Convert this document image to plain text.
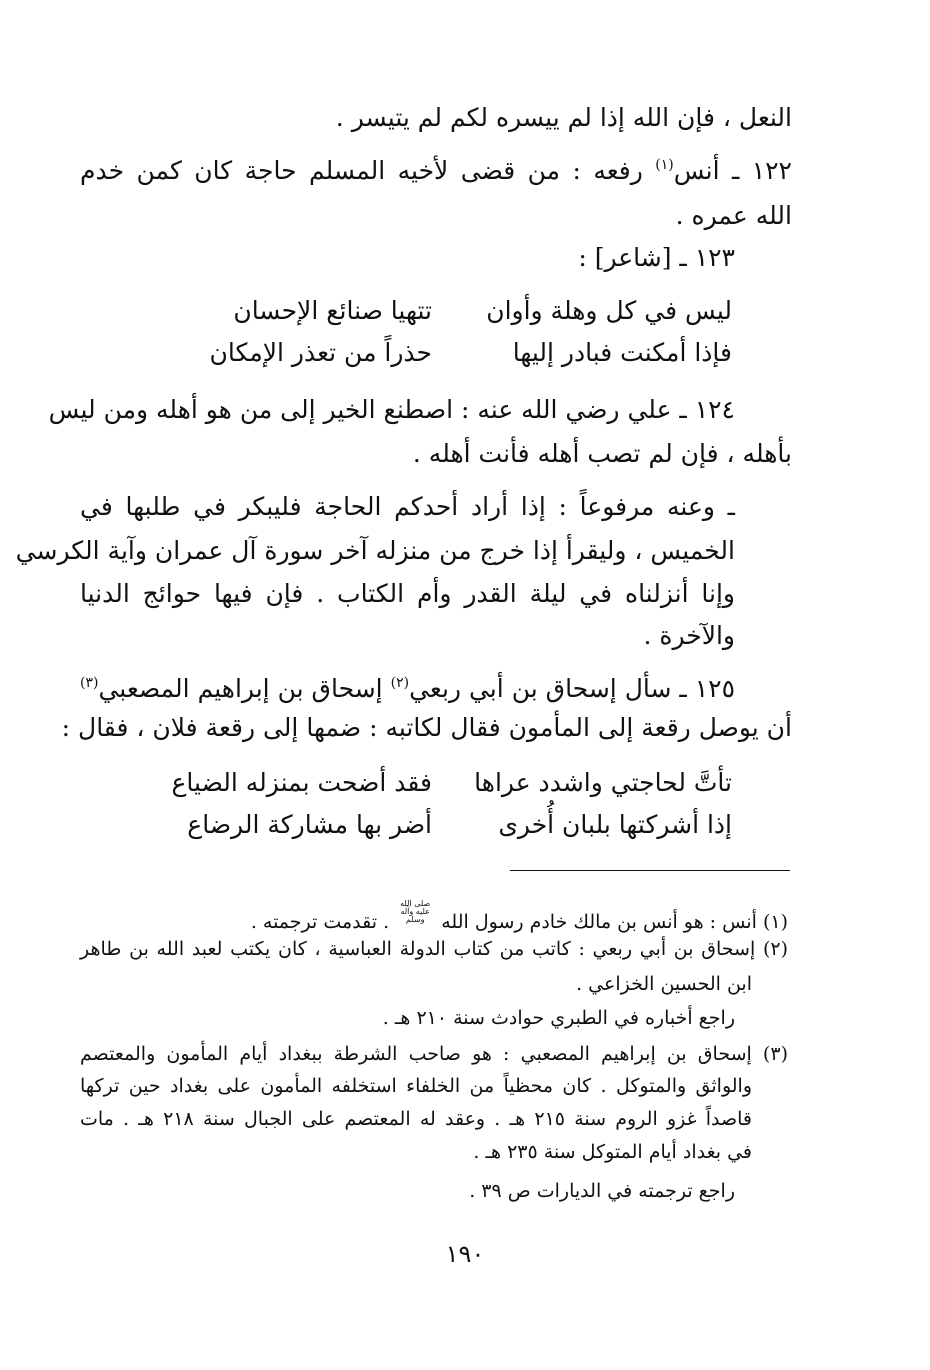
النعل ، فإن الله إذا لم ييسره لكم لم يتيسر .
١٢٢ ـ أنس$^{(١)}$ رفعه : من قضى لأخيه المسلم حاجة كان كمن خدم
الله عمره .
١٢٣ ـ [شاعر] :
ليس في كل وهلة وأوان
تتهيا صنائع الإحسان
فإذا أمكنت فبادر إليها
حذراً من تعذر الإمكان
١٢٤ ـ علي رضي الله عنه : اصطنع الخير إلى من هو أهله ومن ليس
بأهله ، فإن لم تصب أهله فأنت أهله .
ـ وعنه مرفوعاً : إذا أراد أحدكم الحاجة فليبكر في طلبها في
الخميس ، وليقرأ إذا خرج من منزله آخر سورة آل عمران وآية الكرسي
وإنا أنزلناه في ليلة القدر وأم الكتاب . فإن فيها حوائج الدنيا
والآخرة .
١٢٥ ـ سأل إسحاق بن أبي ربعي$^{(٢)}$ إسحاق بن إبراهيم المصعبي$^{(٣)}$
أن يوصل رقعة إلى المأمون فقال لكاتبه : ضمها إلى رقعة فلان ، فقال :
تأتَّ لحاجتي واشدد عراها
فقد أضحت بمنزله الضياع
إذا أشركتها بلبان أُخرى
أضر بها مشاركة الرضاع
(١) أنس : هو أنس بن مالك خادم رسول الله صلى الله عليه وآله وسلم . تقدمت ترجمته .
(٢) إسحاق بن أبي ربعي : كاتب من كتاب الدولة العباسية ، كان يكتب لعبد الله بن طاهر
ابن الحسين الخزاعي .
راجع أخباره في الطبري حوادث سنة ٢١٠ هـ .
(٣) إسحاق بن إبراهيم المصعبي : هو صاحب الشرطة ببغداد أيام المأمون والمعتصم
والواثق والمتوكل . كان محظياً من الخلفاء استخلفه المأمون على بغداد حين تركها
قاصداً غزو الروم سنة ٢١٥ هـ . وعقد له المعتصم على الجبال سنة ٢١٨ هـ . مات
في بغداد أيام المتوكل سنة ٢٣٥ هـ .
راجع ترجمته في الديارات ص ٣٩ .
١٩٠
